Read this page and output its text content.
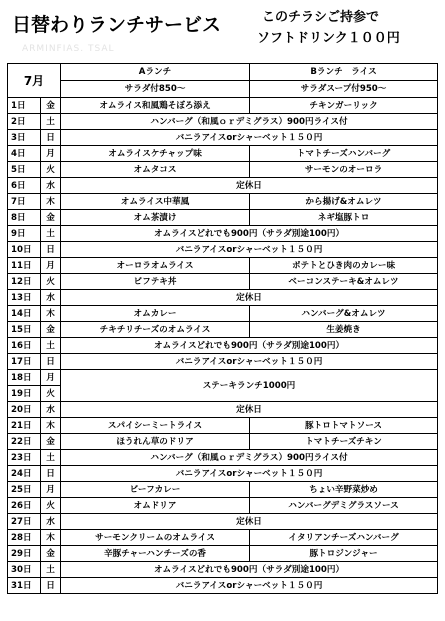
日替わりランチサービス	このチラシご持参で
ソフトドリンク１００円
ARMINFIAS. TSAL
7月		Aランチ	Bランチ　ライス
		サラダ付850～	サラダスープ付950～
1日	金	オムライス和風鶏そぼろ添え	チキンガーリック
2日	土	ハンバーグ（和風ｏｒデミグラス）900円ライス付	
3日	日	バニラアイスorシャーベット１５０円	
4日	月	オムライスケチャップ味	トマトチーズハンバーグ
5日	火	オムタコス	サーモンのオーロラ
6日	水	定休日	
7日	木	オムライス中華風	から揚げ&オムレツ
8日	金	オム茶漬け	ネギ塩豚トロ
9日	土	オムライスどれでも900円（サラダ別途100円）	
10日	日	バニラアイスorシャーベット１５０円	
11日	月	オーロラオムライス	ポテトとひき肉のカレー味
12日	火	ビフテキ丼	ベーコンステーキ&オムレツ
13日	水	定休日	
14日	木	オムカレー	ハンバーグ&オムレツ
15日	金	チキチリチーズのオムライス	生姜焼き
16日	土	オムライスどれでも900円（サラダ別途100円）	
17日	日	バニラアイスorシャーベット１５０円	
18日	月	ステーキランチ1000円	
19日	火		
20日	水	定休日	
21日	木	スパイシーミートライス	豚トロトマトソース
22日	金	ほうれん草のドリア	トマトチーズチキン
23日	土	ハンバーグ（和風ｏｒデミグラス）900円ライス付	
24日	日	バニラアイスorシャーベット１５０円	
25日	月	ビーフカレー	ちょい辛野菜炒め
26日	火	オムドリア	ハンバーグデミグラスソース
27日	水	定休日	
28日	木	サーモンクリームのオムライス	イタリアンチーズハンバーグ
29日	金	辛豚チャーハンチーズの香	豚トロジンジャー
30日	土	オムライスどれでも900円（サラダ別途100円）	
31日	日	バニラアイスorシャーベット１５０円	
